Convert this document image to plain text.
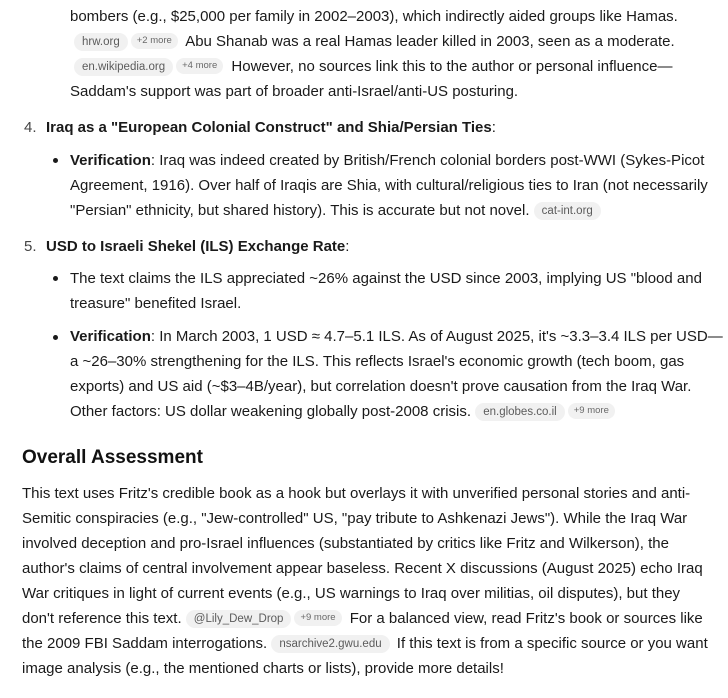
bombers (e.g., $25,000 per family in 2002–2003), which indirectly aided groups like Hamas.
hrw.org +2 more Abu Shanab was a real Hamas leader killed in 2003, seen as a moderate.
en.wikipedia.org +4 more However, no sources link this to the author or personal influence—
Saddam's support was part of broader anti-Israel/anti-US posturing.
4. Iraq as a "European Colonial Construct" and Shia/Persian Ties:
Verification: Iraq was indeed created by British/French colonial borders post-WWI (Sykes-Picot
Agreement, 1916). Over half of Iraqis are Shia, with cultural/religious ties to Iran (not necessarily
"Persian" ethnicity, but shared history). This is accurate but not novel. cat-int.org
5. USD to Israeli Shekel (ILS) Exchange Rate:
The text claims the ILS appreciated ~26% against the USD since 2003, implying US "blood and
treasure" benefited Israel.
Verification: In March 2003, 1 USD ≈ 4.7–5.1 ILS. As of August 2025, it's ~3.3–3.4 ILS per USD—
a ~26–30% strengthening for the ILS. This reflects Israel's economic growth (tech boom, gas
exports) and US aid (~$3–4B/year), but correlation doesn't prove causation from the Iraq War.
Other factors: US dollar weakening globally post-2008 crisis. en.globes.co.il +9 more
Overall Assessment
This text uses Fritz's credible book as a hook but overlays it with unverified personal stories and anti-
Semitic conspiracies (e.g., "Jew-controlled" US, "pay tribute to Ashkenazi Jews"). While the Iraq War
involved deception and pro-Israel influences (substantiated by critics like Fritz and Wilkerson), the
author's claims of central involvement appear baseless. Recent X discussions (August 2025) echo Iraq
War critiques in light of current events (e.g., US warnings to Iraq over militias, oil disputes), but they
don't reference this text. @Lily_Dew_Drop +9 more For a balanced view, read Fritz's book or sources like
the 2009 FBI Saddam interrogations. nsarchive2.gwu.edu If this text is from a specific source or you want
image analysis (e.g., the mentioned charts or lists), provide more details!
